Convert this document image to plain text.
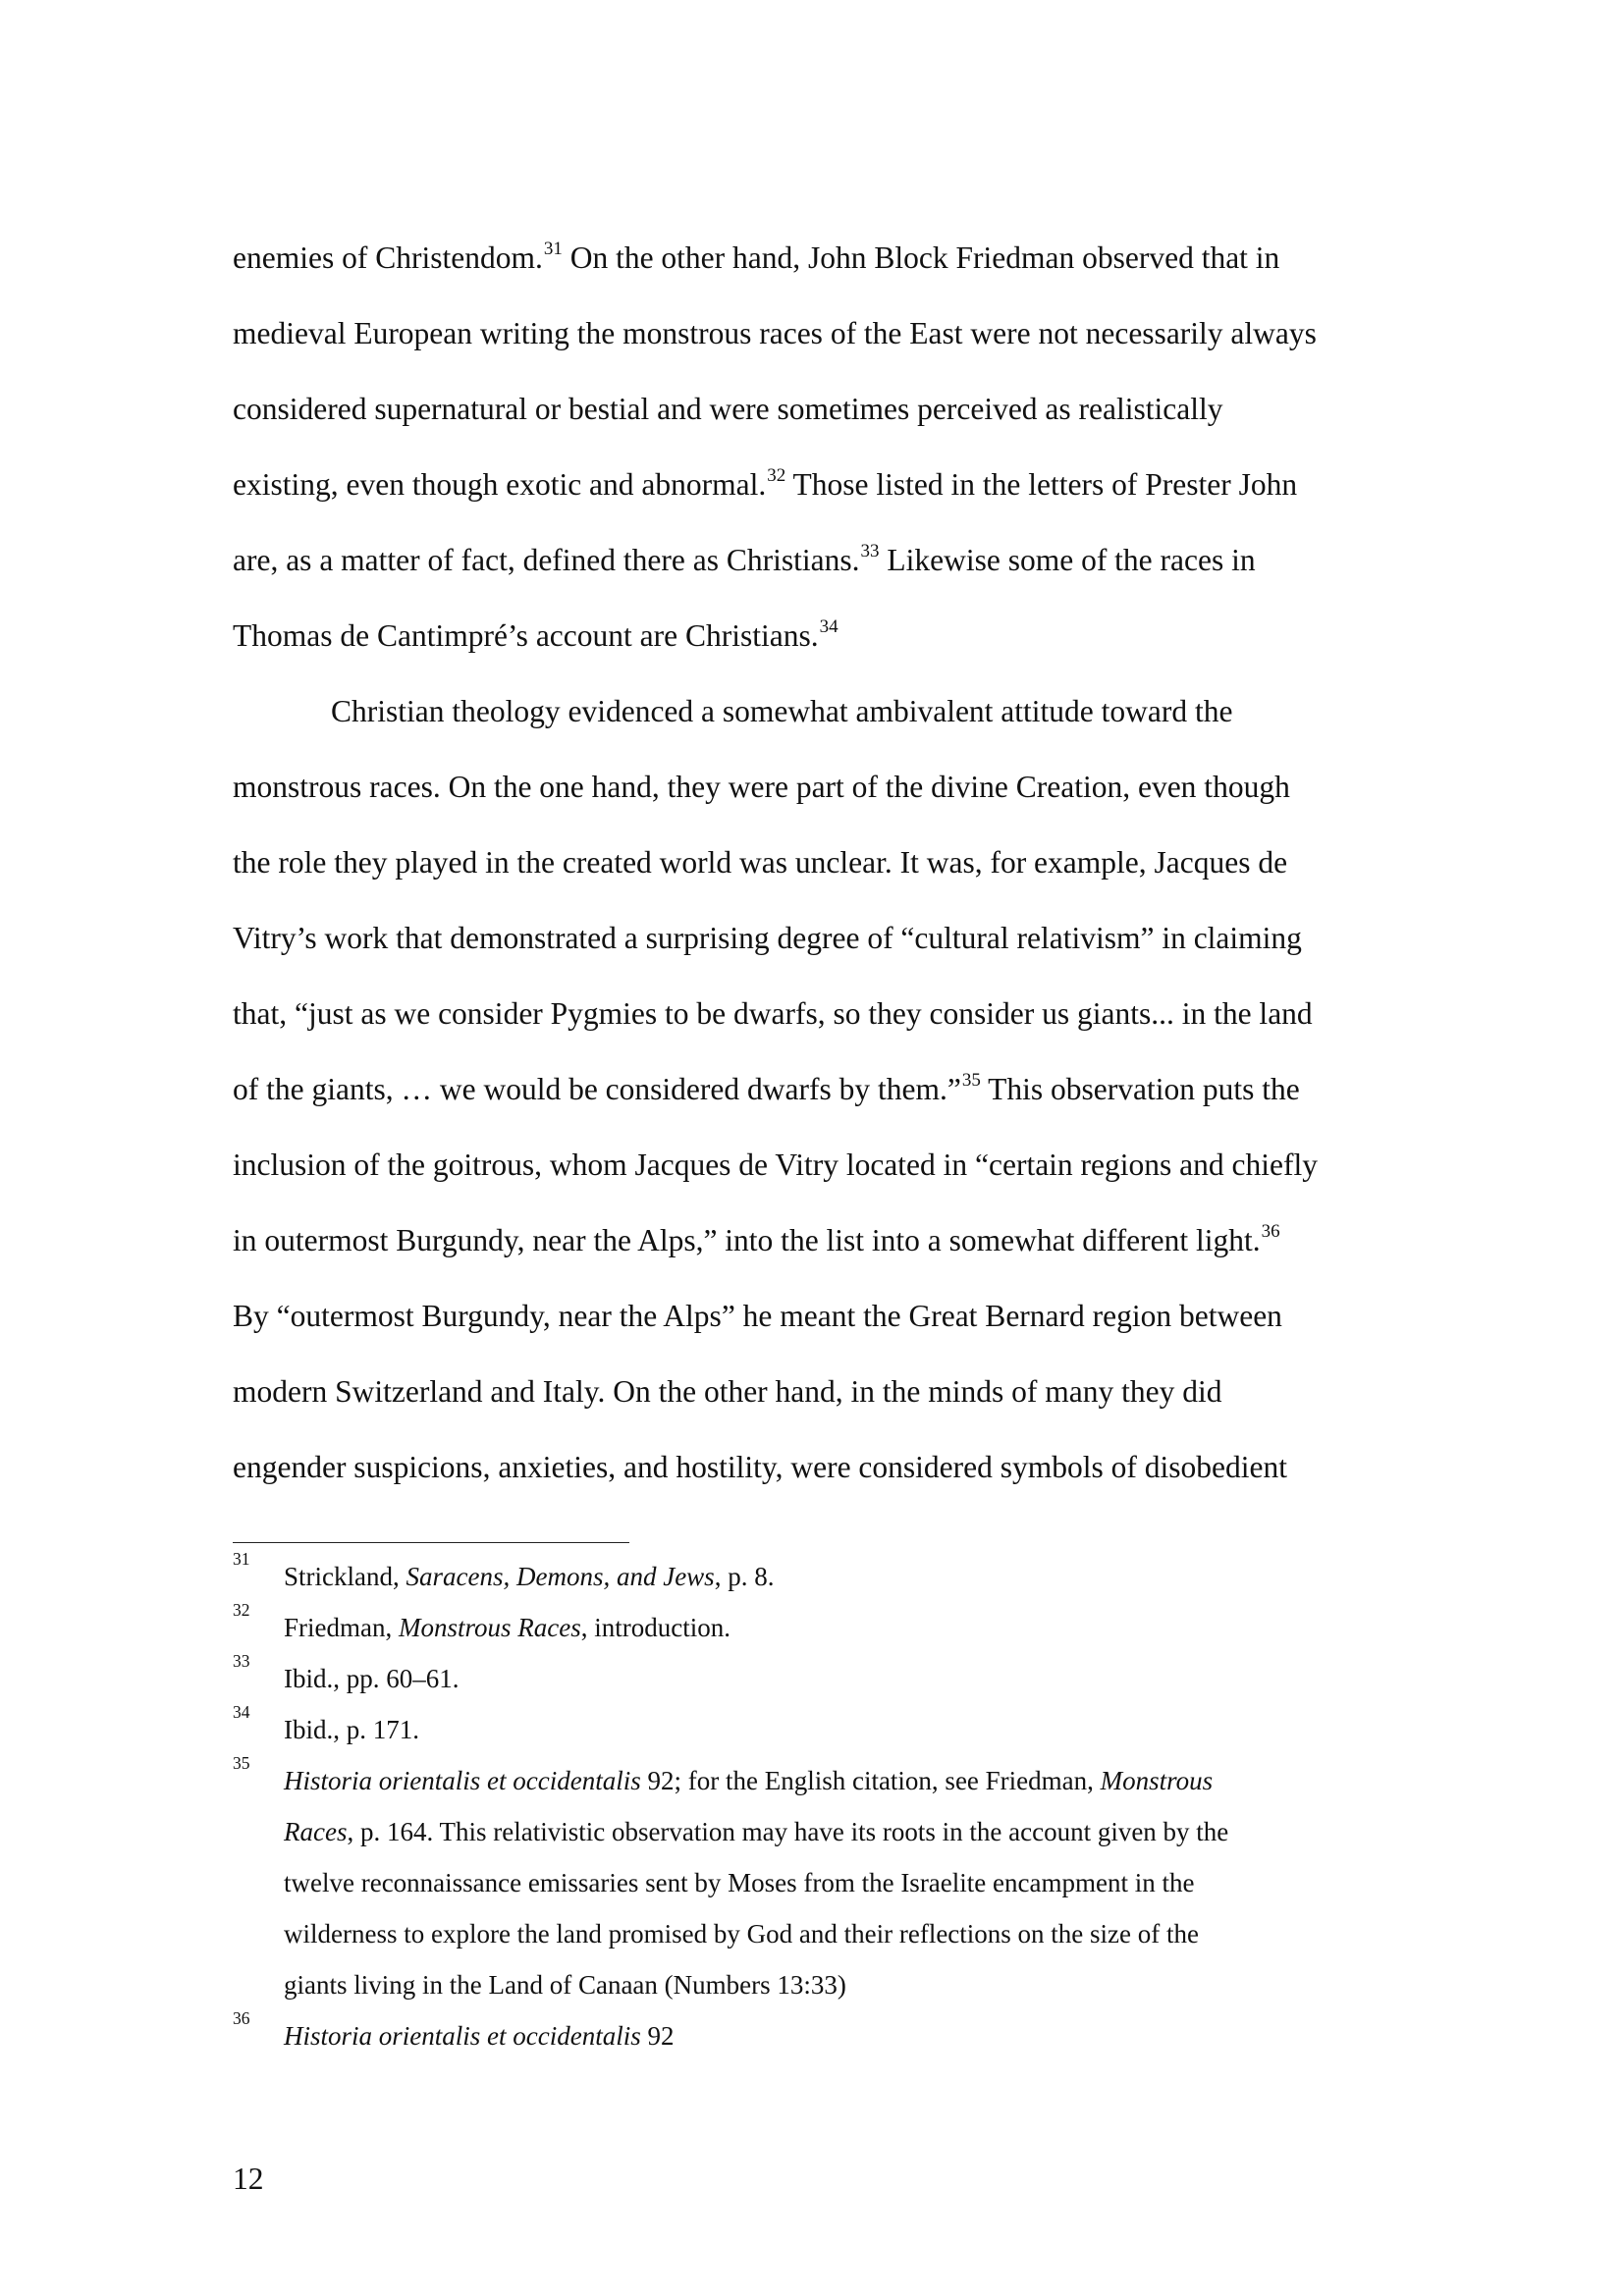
enemies of Christendom.$^{31}$ On the other hand, John Block Friedman observed that in
medieval European writing the monstrous races of the East were not necessarily always
considered supernatural or bestial and were sometimes perceived as realistically
existing, even though exotic and abnormal.$^{32}$ Those listed in the letters of Prester John
are, as a matter of fact, defined there as Christians.$^{33}$ Likewise some of the races in
Thomas de Cantimpré’s account are Christians.$^{34}$
Christian theology evidenced a somewhat ambivalent attitude toward the
monstrous races. On the one hand, they were part of the divine Creation, even though
the role they played in the created world was unclear. It was, for example, Jacques de
Vitry’s work that demonstrated a surprising degree of “cultural relativism” in claiming
that, “just as we consider Pygmies to be dwarfs, so they consider us giants... in the land
of the giants, … we would be considered dwarfs by them.”$^{35}$ This observation puts the
inclusion of the goitrous, whom Jacques de Vitry located in “certain regions and chiefly
in outermost Burgundy, near the Alps,” into the list into a somewhat different light.$^{36}$
By “outermost Burgundy, near the Alps” he meant the Great Bernard region between
modern Switzerland and Italy. On the other hand, in the minds of many they did
engender suspicions, anxieties, and hostility, were considered symbols of disobedient
31
Strickland, Saracens, Demons, and Jews, p. 8.
32
Friedman, Monstrous Races, introduction.
33
Ibid., pp. 60–61.
34
Ibid., p. 171.
35
Historia orientalis et occidentalis 92; for the English citation, see Friedman, Monstrous
Races, p. 164. This relativistic observation may have its roots in the account given by the
twelve reconnaissance emissaries sent by Moses from the Israelite encampment in the
wilderness to explore the land promised by God and their reflections on the size of the
giants living in the Land of Canaan (Numbers 13:33)
36
Historia orientalis et occidentalis 92
12
